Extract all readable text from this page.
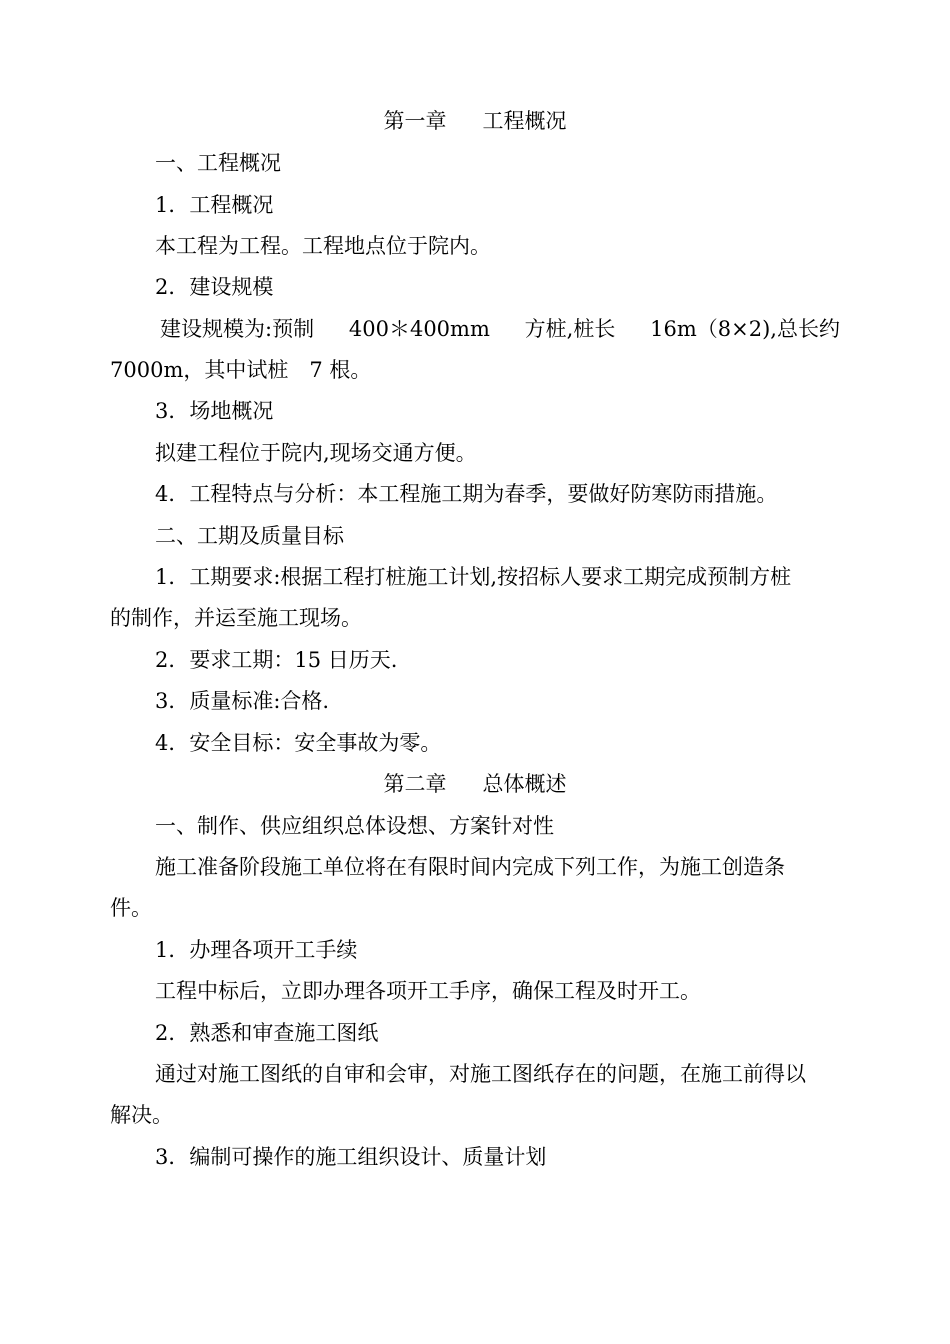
第一章 工程概况
一、工程概况
1．工程概况
本工程为工程。工程地点位于院内。
2．建设规模
建设规模为:预制 400＊400mm 方桩,桩长 16m（8×2),总长约
7000m，其中试桩　7 根。
3．场地概况
拟建工程位于院内,现场交通方便。
4．工程特点与分析：本工程施工期为春季，要做好防寒防雨措施。
二、工期及质量目标
1．工期要求:根据工程打桩施工计划,按招标人要求工期完成预制方桩
的制作，并运至施工现场。
2．要求工期：15 日历天.
3．质量标准:合格.
4．安全目标：安全事故为零。
第二章 总体概述
一、制作、供应组织总体设想、方案针对性
施工准备阶段施工单位将在有限时间内完成下列工作，为施工创造条
件。
1．办理各项开工手续
工程中标后，立即办理各项开工手序，确保工程及时开工。
2．熟悉和审查施工图纸
通过对施工图纸的自审和会审，对施工图纸存在的问题，在施工前得以
解决。
3．编制可操作的施工组织设计、质量计划
